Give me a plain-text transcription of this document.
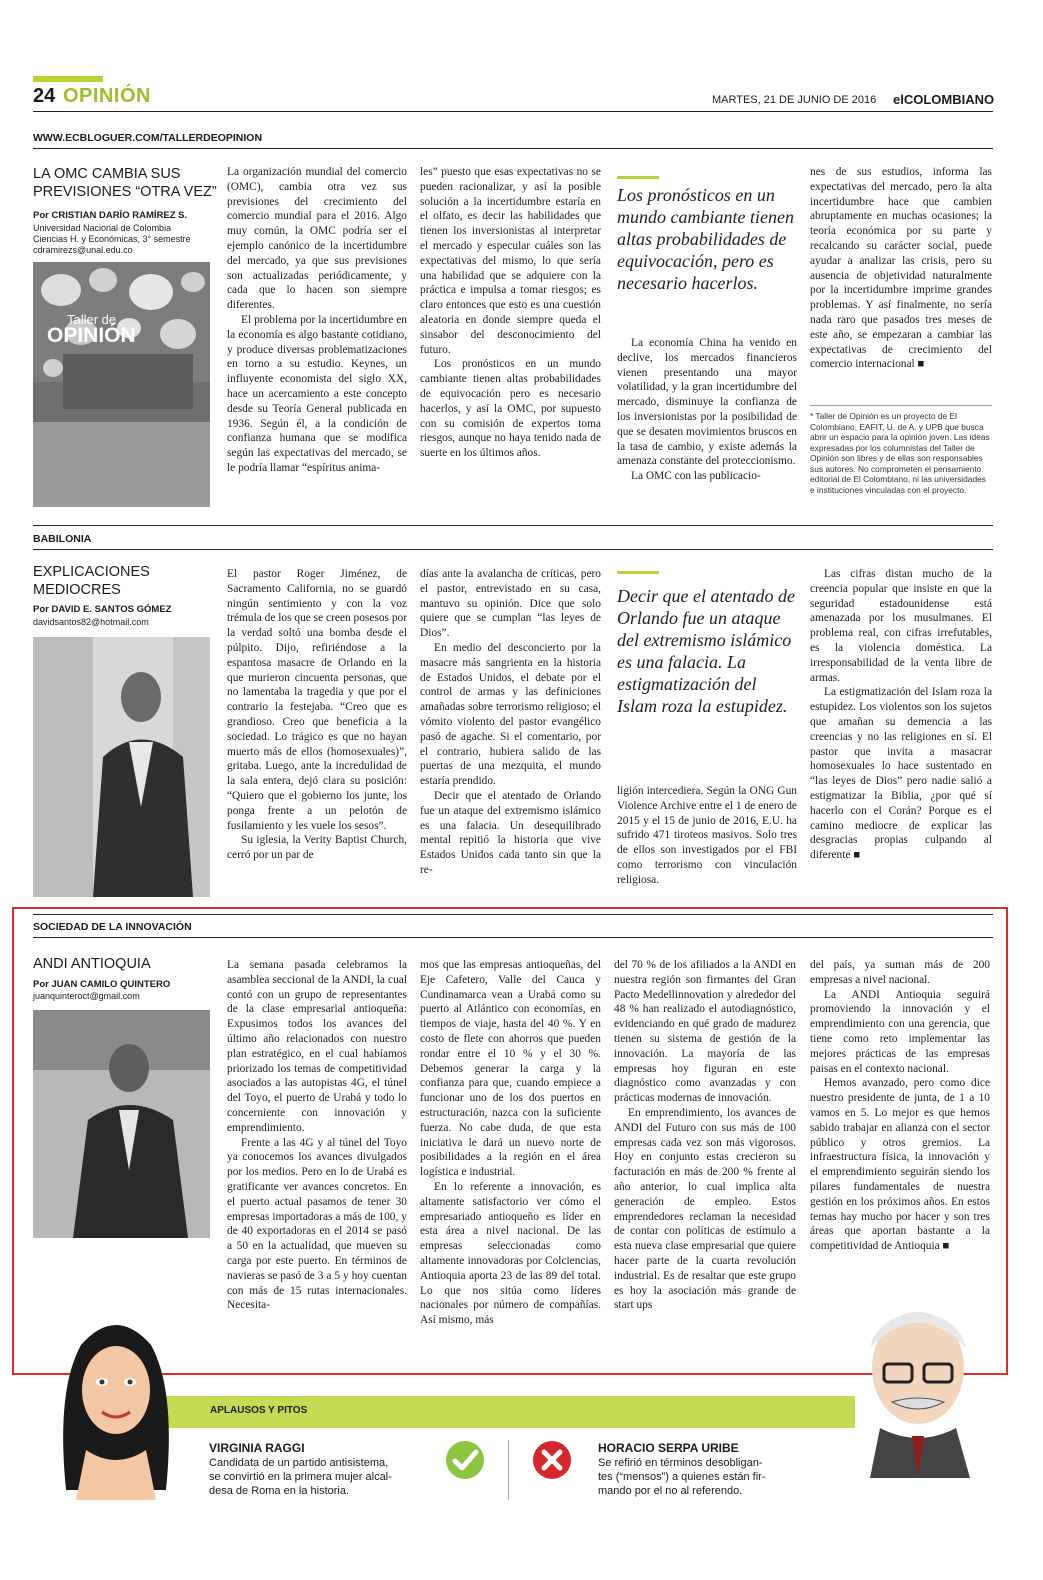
24 OPINIÓN	MARTES, 21 DE JUNIO DE 2016 elCOLOMBIANO
WWW.ECBLOGUER.COM/TALLERDEOPINION
LA OMC CAMBIA SUS
PREVISIONES “OTRA VEZ”
Por CRISTIAN DARÍO RAMÍREZ S.
Universidad Nacional de Colombia
Ciencias H. y Económicas, 3° semestre
cdramirezs@unal.edu.co
Taller de
OPINIÓN

La organización mundial del comercio (OMC), cambia otra vez sus previsiones del crecimiento del comercio mundial para el 2016. Algo muy común, la OMC podría ser el ejemplo canónico de la incertidumbre del mercado, ya que sus previsiones son actualizadas periódicamente, y cada que lo hacen son siempre diferentes.

El problema por la incertidumbre en la economía es algo bastante cotidiano, y produce diversas problematizaciones en torno a su estudio. Keynes, un influyente economista del siglo XX, hace un acercamiento a este concepto desde su Teoría General publicada en 1936. Según él, a la condición de confianza humana que se modifica según las expectativas del mercado, se le podría llamar “espíritus anima-

les” puesto que esas expectativas no se pueden racionalizar, y así la posible solución a la incertidumbre estaría en el olfato, es decir las habilidades que tienen los inversionistas al interpretar el mercado y especular cuáles son las expectativas del mismo, lo que sería una habilidad que se adquiere con la práctica e impulsa a tomar riesgos; es claro entonces que esto es una cuestión aleatoria en donde siempre queda el sinsabor del desconocimiento del futuro.

Los pronósticos en un mundo cambiante tienen altas probabilidades de equivocación pero es necesario hacerlos, y así la OMC, por supuesto con su comisión de expertos toma riesgos, aunque no haya tenido nada de suerte en los últimos años.

Los pronósticos en un mundo cambiante tienen altas probabilidades de equivocación, pero es necesario hacerlos.

La economía China ha venido en declive, los mercados financieros vienen presentando una mayor volatilidad, y la gran incertidumbre del mercado, disminuye la confianza de los inversionistas por la posibilidad de que se desaten movimientos bruscos en la tasa de cambio, y existe además la amenaza constante del proteccionismo.

La OMC con las publicacio-

nes de sus estudios, informa las expectativas del mercado, pero la alta incertidumbre hace que cambien abruptamente en muchas ocasiones; la teoría económica por su parte y recalcando su carácter social, puede ayudar a analizar las crisis, pero su ausencia de objetividad naturalmente por la incertidumbre imprime grandes problemas. Y así finalmente, no sería nada raro que pasados tres meses de este año, se empezaran a cambiar las expectativas de crecimiento del comercio internacional ■

* Taller de Opinión es un proyecto de El Colombiano, EAFIT, U. de A. y UPB que busca abrir un espacio para la opinión joven. Las ideas expresadas por los columnistas del Taller de Opinión son libres y de ellas son responsables sus autores. No comprometen el pensamiento editorial de El Colombiano, ni las universidades e instituciones vinculadas con el proyecto.
BABILONIA
EXPLICACIONES
MEDIOCRES
Por DAVID E. SANTOS GÓMEZ
davidsantos82@hotmail.com

El pastor Roger Jiménez, de Sacramento California, no se guardó ningún sentimiento y con la voz trémula de los que se creen posesos por la verdad soltó una bomba desde el púlpito. Dijo, refiriéndose a la espantosa masacre de Orlando en la que murieron cincuenta personas, que no lamentaba la tragedia y que por el contrario la festejaba. “Creo que es grandioso. Creo que beneficia a la sociedad. Lo trágico es que no hayan muerto más de ellos (homosexuales)”, gritaba. Luego, ante la incredulidad de la sala entera, dejó clara su posición: “Quiero que el gobierno los junte, los ponga frente a un pelotón de fusilamiento y les vuele los sesos”.

Su iglesia, la Verity Baptist Church, cerró por un par de

días ante la avalancha de críticas, pero el pastor, entrevistado en su casa, mantuvo su opinión. Dice que solo quiere que se cumplan “las leyes de Dios”.

En medio del desconcierto por la masacre más sangrienta en la historia de Estados Unidos, el debate por el control de armas y las definiciones amañadas sobre terrorismo religioso; el vómito violento del pastor evangélico pasó de agache. Si el comentario, por el contrario, hubiera salido de las puertas de una mezquita, el mundo estaría prendido.

Decir que el atentado de Orlando fue un ataque del extremismo islámico es una falacia. Un desequilibrado mental repitió la historia que vive Estados Unidos cada tanto sin que la re-

Decir que el atentado de Orlando fue un ataque del extremismo islámico es una falacia. La estigmatización del Islam roza la estupidez.

ligión intercediera. Según la ONG Gun Violence Archive entre el 1 de enero de 2015 y el 15 de junio de 2016, E.U. ha sufrido 471 tiroteos masivos. Solo tres de ellos son investigados por el FBI como terrorismo con vinculación religiosa.

Las cifras distan mucho de la creencia popular que insiste en que la seguridad estadounidense está amenazada por los musulmanes. El problema real, con cifras irrefutables, es la violencia doméstica. La irresponsabilidad de la venta libre de armas.

La estigmatización del Islam roza la estupidez. Los violentos son los sujetos que amañan su demencia a las creencias y no las religiones en sí. El pastor que invita a masacrar homosexuales lo hace sustentado en “las leyes de Dios” pero nadie salió a estigmatizar la Biblia, ¿por qué sí hacerlo con el Corán? Porque es el camino mediocre de explicar las desgracias propias culpando al diferente ■

SOCIEDAD DE LA INNOVACIÓN
ANDI ANTIOQUIA
Por JUAN CAMILO QUINTERO
juanquinteroct@gmail.com

La semana pasada celebramos la asamblea seccional de la ANDI, la cual contó con un grupo de representantes de la clase empresarial antioqueña: Expusimos todos los avances del último año relacionados con nuestro plan estratégico, en el cual habíamos priorizado los temas de competitividad asociados a las autopistas 4G, el túnel del Toyo, el puerto de Urabá y todo lo concerniente con innovación y emprendimiento.

Frente a las 4G y al túnel del Toyo ya conocemos los avances divulgados por los medios. Pero en lo de Urabá es gratificante ver avances concretos. En el puerto actual pasamos de tener 30 empresas importadoras a más de 100, y de 40 exportadoras en el 2014 se pasó a 50 en la actualidad, que mueven su carga por este puerto. En términos de navieras se pasó de 3 a 5 y hoy cuentan con más de 15 rutas internacionales. Necesita-

mos que las empresas antioqueñas, del Eje Cafetero, Valle del Cauca y Cundinamarca vean a Urabá como su puerto al Atlántico con economías, en tiempos de viaje, hasta del 40 %. Y en costo de flete con ahorros que pueden rondar entre el 10 % y el 30 %. Debemos generar la carga y la confianza para que, cuando empiece a funcionar uno de los dos puertos en estructuración, nazca con la suficiente fuerza. No cabe duda, de que esta iniciativa le dará un nuevo norte de posibilidades a la región en el área logística e industrial.

En lo referente a innovación, es altamente satisfactorio ver cómo el empresariado antioqueño es líder en esta área a nivel nacional. De las empresas seleccionadas como altamente innovadoras por Colciencias, Antioquia aporta 23 de las 89 del total. Lo que nos sitúa como líderes nacionales por número de compañías. Así mismo, más

del 70 % de los afiliados a la ANDI en nuestra región son firmantes del Gran Pacto Medellinnovation y alrededor del 48 % han realizado el autodiagnóstico, evidenciando en qué grado de madurez tienen su sistema de gestión de la innovación. La mayoría de las empresas hoy figuran en este diagnóstico como avanzadas y con prácticas modernas de innovación.

En emprendimiento, los avances de ANDI del Futuro con sus más de 100 empresas cada vez son más vigorosos. Hoy en conjunto estas crecieron su facturación en más de 200 % frente al año anterior, lo cual implica alta generación de empleo. Estos emprendedores reclaman la necesidad de contar con políticas de estímulo a esta nueva clase empresarial que quiere hacer parte de la cuarta revolución industrial. Es de resaltar que este grupo es hoy la asociación más grande de start ups

del país, ya suman más de 200 empresas a nivel nacional.

La ANDI Antioquia seguirá promoviendo la innovación y el emprendimiento con una gerencia, que tiene como reto implementar las mejores prácticas de las empresas paisas en el contexto nacional.

Hemos avanzado, pero como dice nuestro presidente de junta, de 1 a 10 vamos en 5. Lo mejor es que hemos sabido trabajar en alianza con el sector público y otros gremios. La infraestructura física, la innovación y el emprendimiento seguirán siendo los pilares fundamentales de nuestra gestión en los próximos años. En estos temas hay mucho por hacer y son tres áreas que aportan bastante a la competitividad de Antioquia ■

APLAUSOS Y PITOS
VIRGINIA RAGGI
Candidata de un partido antisistema,
se convirtió en la primera mujer alcal-
desa de Roma en la historia.
HORACIO SERPA URIBE
Se refirió en términos desobligan-
tes (“mensos”) a quienes están fir-
mando por el no al referendo.
